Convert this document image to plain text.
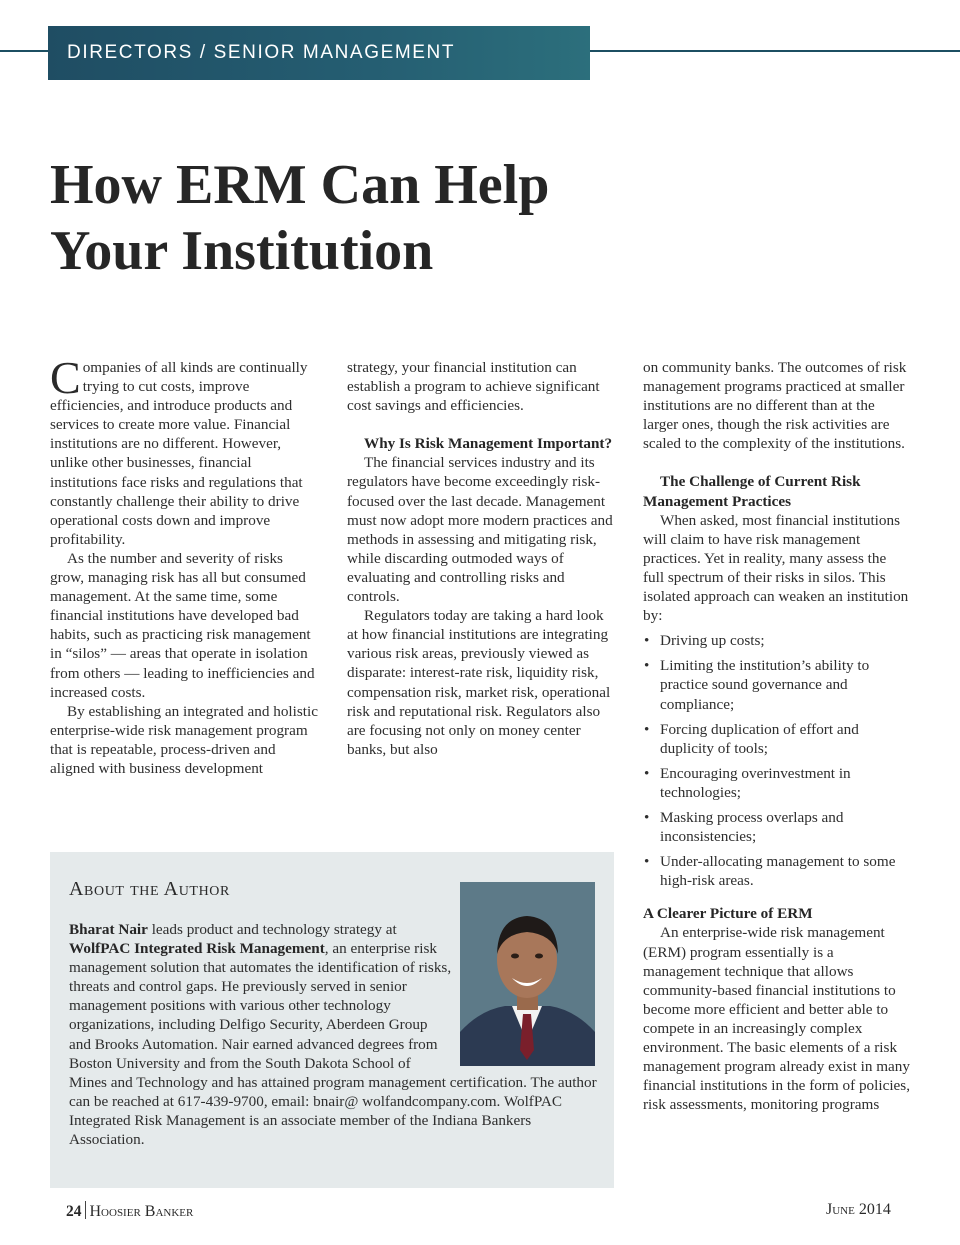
DIRECTORS / SENIOR MANAGEMENT
How ERM Can Help Your Institution

Companies of all kinds are continually trying to cut costs, improve efficiencies, and introduce products and services to create more value. Financial institutions are no different. However, unlike other businesses, financial institutions face risks and regulations that constantly challenge their ability to drive operational costs down and improve profitability.

As the number and severity of risks grow, managing risk has all but consumed management. At the same time, some financial institutions have developed bad habits, such as practicing risk management in “silos” — areas that operate in isolation from others — leading to inefficiencies and increased costs.

By establishing an integrated and holistic enterprise-wide risk management program that is repeatable, process-driven and aligned with business development

strategy, your financial institution can establish a program to achieve significant cost savings and efficiencies.

Why Is Risk Management Important?

The financial services industry and its regulators have become exceedingly risk-focused over the last decade. Management must now adopt more modern practices and methods in assessing and mitigating risk, while discarding outmoded ways of evaluating and controlling risks and controls.

Regulators today are taking a hard look at how financial institutions are integrating various risk areas, previously viewed as disparate: interest-rate risk, liquidity risk, compensation risk, market risk, operational risk and reputational risk. Regulators also are focusing not only on money center banks, but also

on community banks. The outcomes of risk management programs practiced at smaller institutions are no different than at the larger ones, though the risk activities are scaled to the complexity of the institutions.

The Challenge of Current Risk Management Practices

When asked, most financial institutions will claim to have risk management practices. Yet in reality, many assess the full spectrum of their risks in silos. This isolated approach can weaken an institution by:

• Driving up costs;
• Limiting the institution’s ability to practice sound governance and compliance;
• Forcing duplication of effort and duplicity of tools;
• Encouraging overinvestment in technologies;
• Masking process overlaps and inconsistencies;
• Under-allocating management to some high-risk areas.

A Clearer Picture of ERM

An enterprise-wide risk management (ERM) program essentially is a management technique that allows community-based financial institutions to become more efficient and better able to compete in an increasingly complex environment. The basic elements of a risk management program already exist in many financial institutions in the form of policies, risk assessments, monitoring programs

About the Author

Bharat Nair leads product and technology strategy at WolfPAC Integrated Risk Management, an enterprise risk management solution that automates the identification of risks, threats and control gaps. He previously served in senior management positions with various other technology organizations, including Delfigo Security, Aberdeen Group and Brooks Automation. Nair earned advanced degrees from Boston University and from the South Dakota School of Mines and Technology and has attained program management certification. The author can be reached at 617-439-9700, email: bnair@ wolfandcompany.com. WolfPAC Integrated Risk Management is an associate member of the Indiana Bankers Association.

24 Hoosier Banker	June 2014
